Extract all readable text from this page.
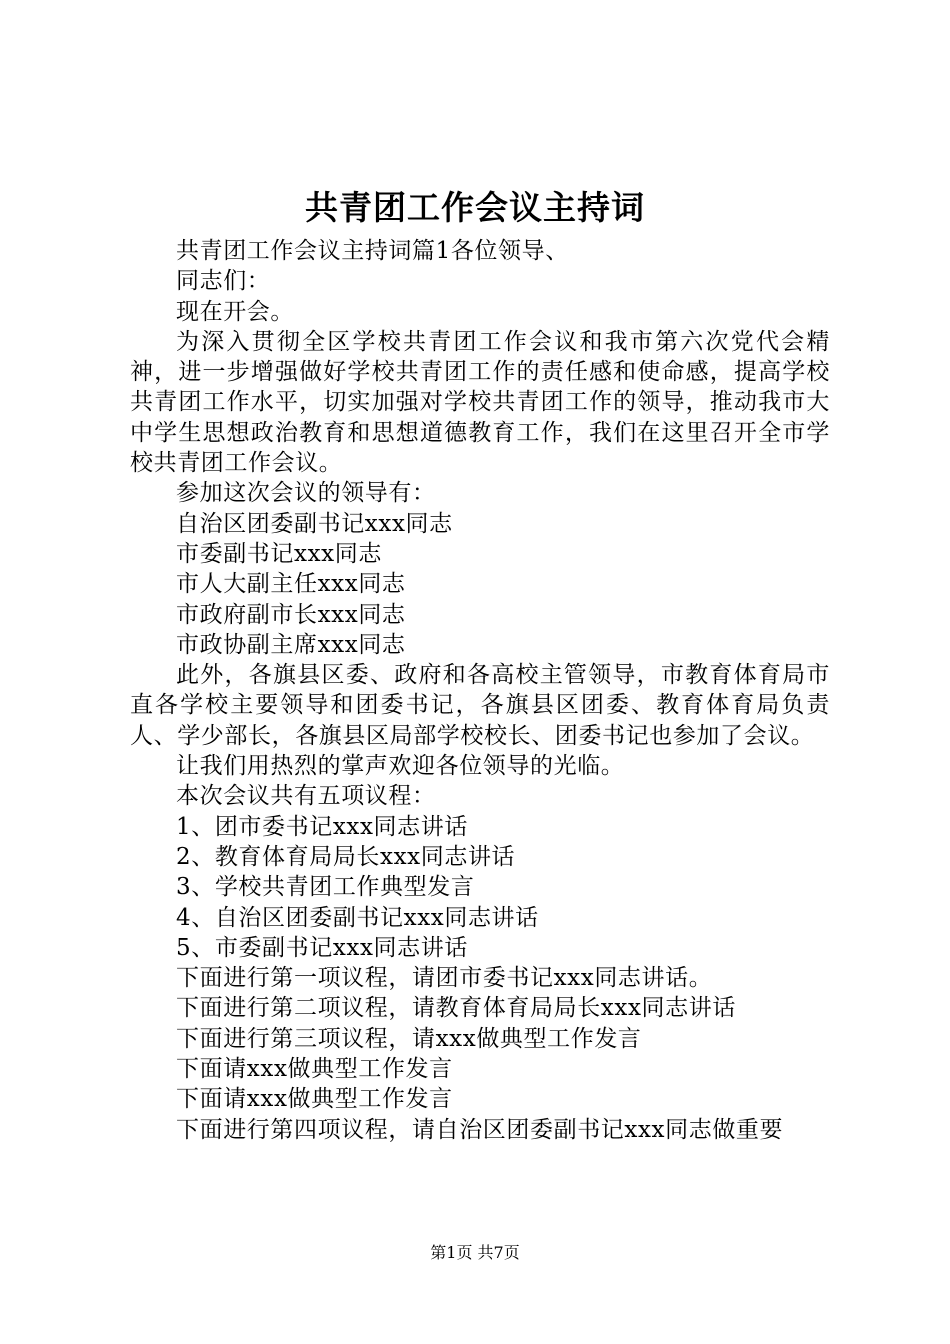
共青团工作会议主持词

共青团工作会议主持词篇1各位领导、

同志们：

现在开会。

为深入贯彻全区学校共青团工作会议和我市第六次党代会精神，进一步增强做好学校共青团工作的责任感和使命感，提高学校共青团工作水平，切实加强对学校共青团工作的领导，推动我市大中学生思想政治教育和思想道德教育工作，我们在这里召开全市学校共青团工作会议。

参加这次会议的领导有：

自治区团委副书记xxx同志

市委副书记xxx同志

市人大副主任xxx同志

市政府副市长xxx同志

市政协副主席xxx同志

此外，各旗县区委、政府和各高校主管领导，市教育体育局市直各学校主要领导和团委书记，各旗县区团委、教育体育局负责人、学少部长，各旗县区局部学校校长、团委书记也参加了会议。

让我们用热烈的掌声欢迎各位领导的光临。

本次会议共有五项议程：

1、团市委书记xxx同志讲话

2、教育体育局局长xxx同志讲话

3、学校共青团工作典型发言

4、自治区团委副书记xxx同志讲话

5、市委副书记xxx同志讲话

下面进行第一项议程，请团市委书记xxx同志讲话。

下面进行第二项议程，请教育体育局局长xxx同志讲话

下面进行第三项议程，请xxx做典型工作发言

下面请xxx做典型工作发言

下面请xxx做典型工作发言

下面进行第四项议程，请自治区团委副书记xxx同志做重要

第1页 共7页
